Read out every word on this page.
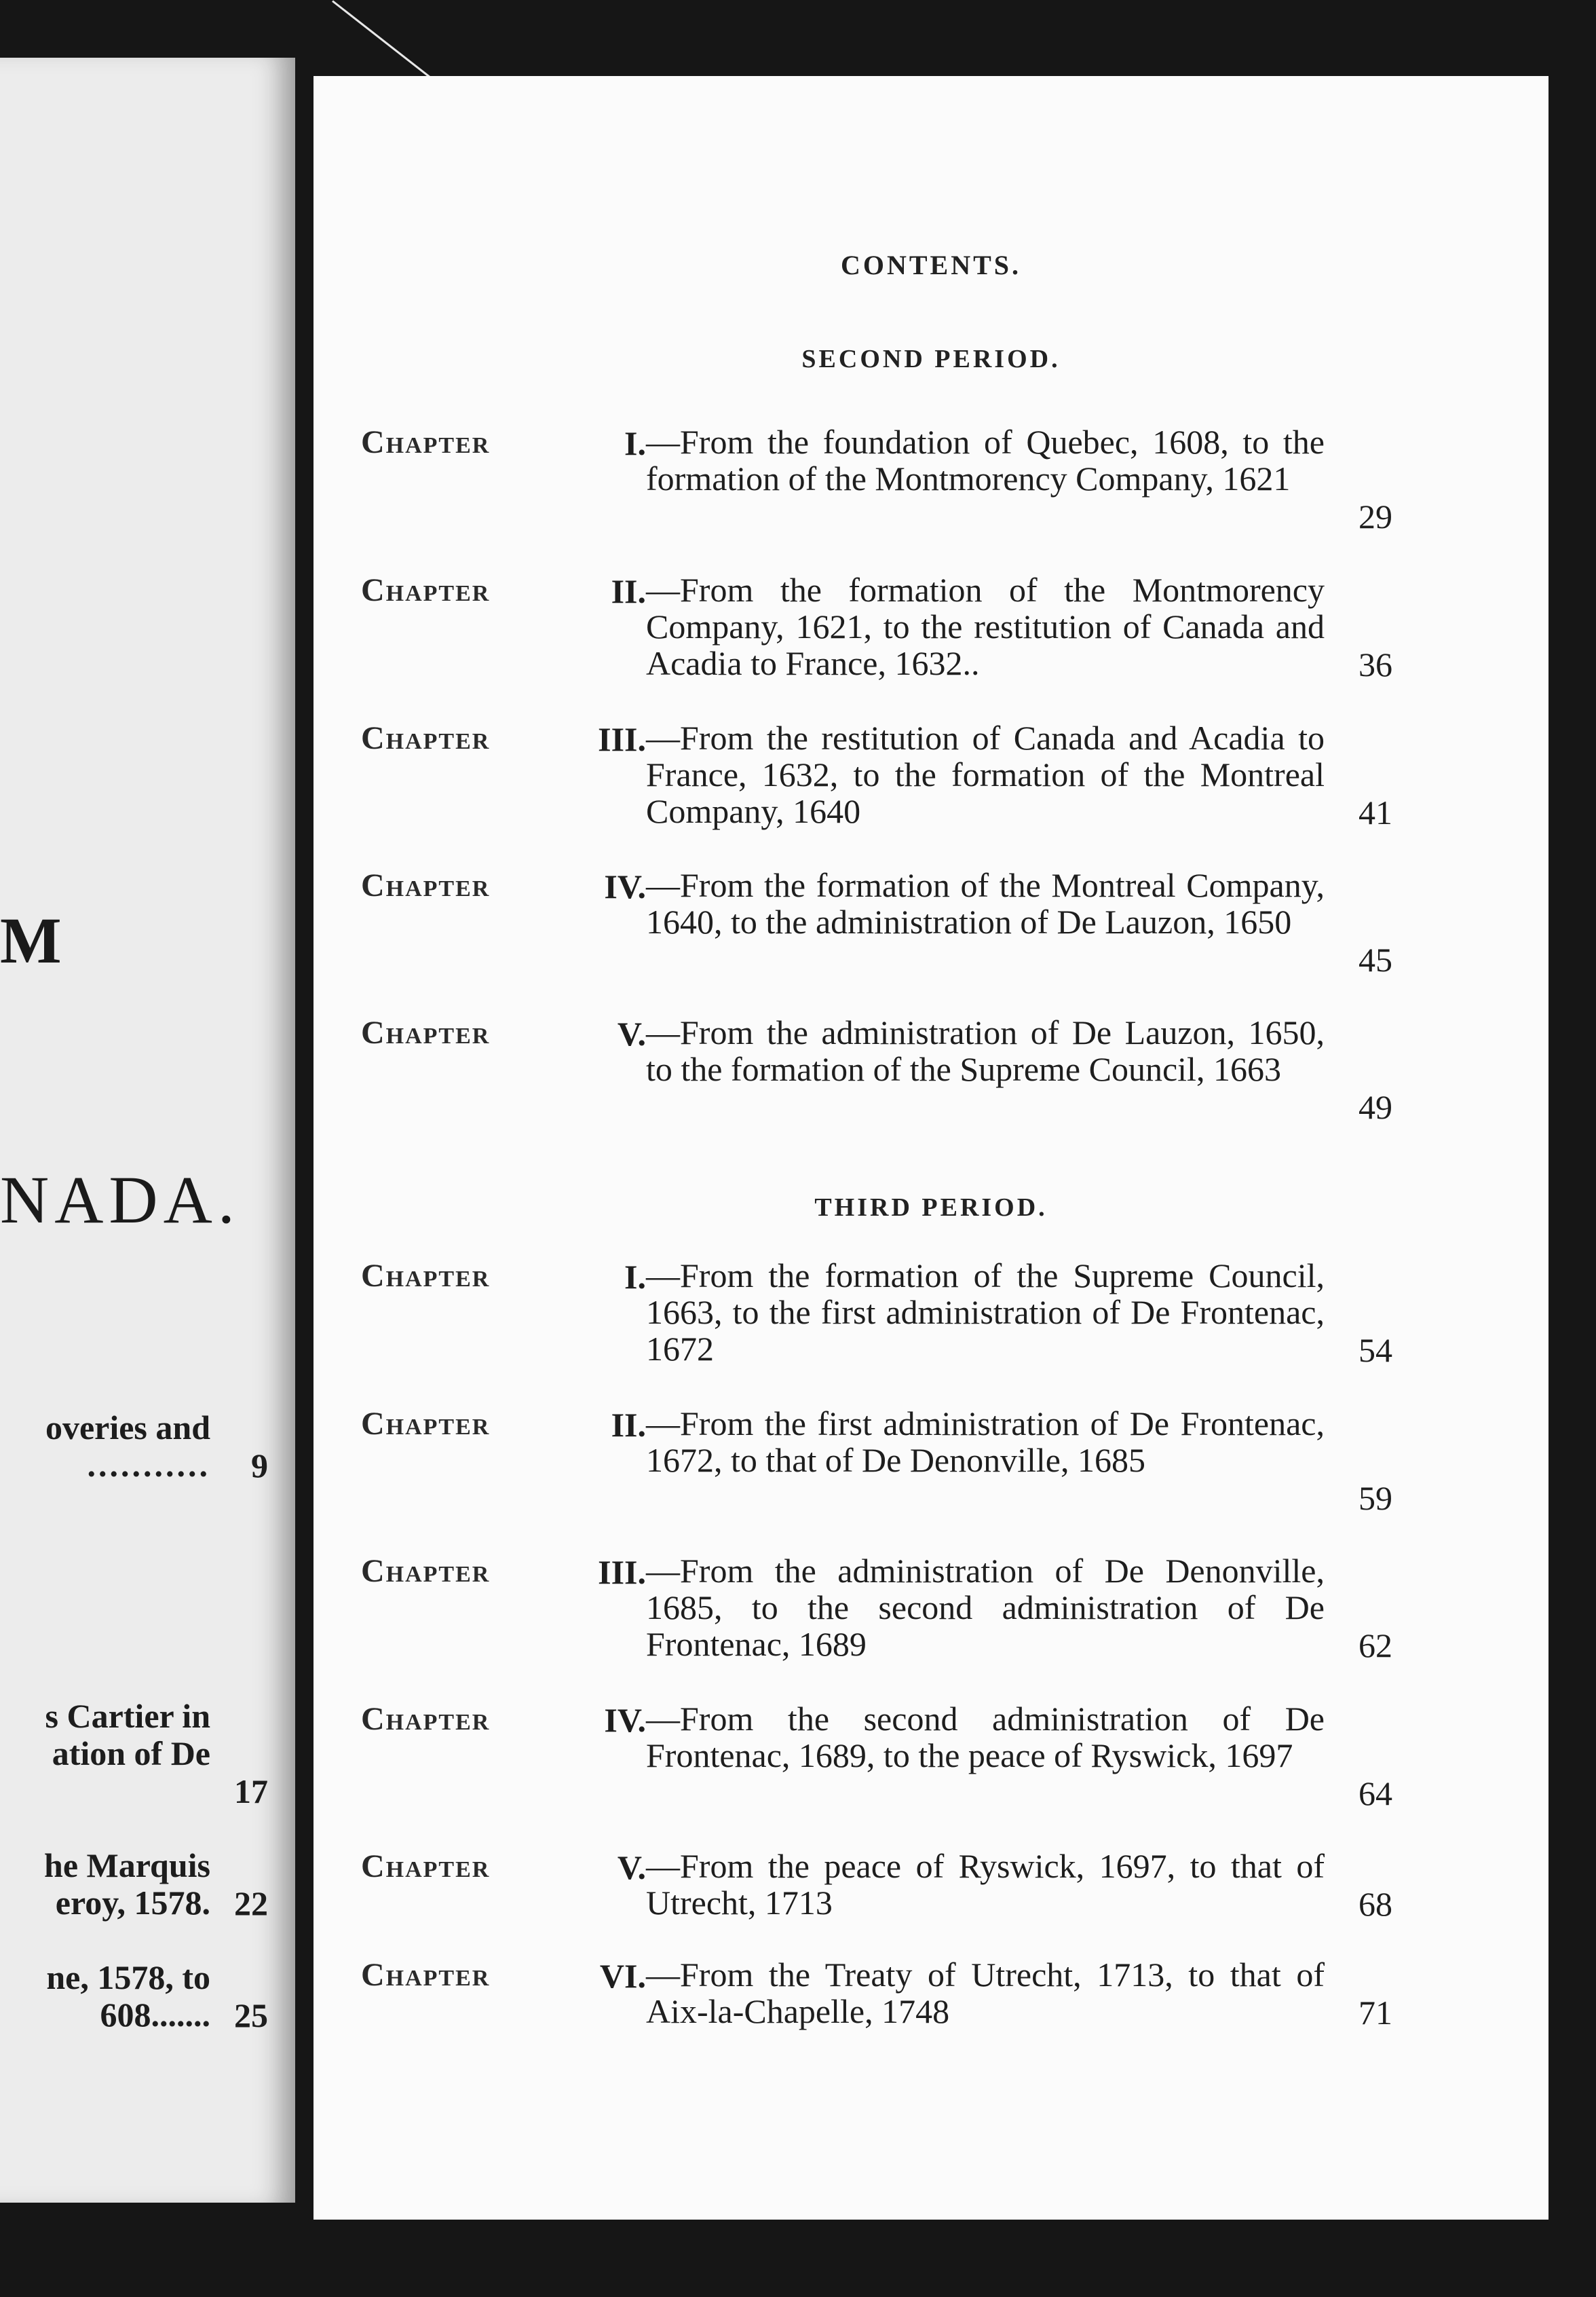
M
NADA.
overies and
...........	9
s Cartier in
ation of De
17
he Marquis
eroy, 1578. 22
ne, 1578, to
608....... 25
CONTENTS.
SECOND PERIOD.
Chapter	I. —From the foundation of Quebec, 1608, to the formation of the Montmorency Company, 1621
29
Chapter	II. —From the formation of the Montmorency Company, 1621, to the restitution of Canada and Acadia to France, 1632..	36
Chapter	III. —From the restitution of Canada and Acadia to France, 1632, to the formation of the Montreal Company, 1640	41
Chapter	IV. —From the formation of the Montreal Company, 1640, to the administration of De Lauzon, 1650
45
Chapter	V. —From the administration of De Lauzon, 1650, to the formation of the Supreme Council, 1663
49
THIRD PERIOD.
Chapter	I. —From the formation of the Supreme Council, 1663, to the first administration of De Frontenac, 1672	54
Chapter	II. —From the first administration of De Frontenac, 1672, to that of De Denonville, 1685
59
Chapter	III. —From the administration of De Denonville, 1685, to the second administration of De Frontenac, 1689	62
Chapter	IV. —From the second administration of De Frontenac, 1689, to the peace of Ryswick, 1697
64
Chapter	V. —From the peace of Ryswick, 1697, to that of Utrecht, 1713	68
Chapter	VI. —From the Treaty of Utrecht, 1713, to that of Aix-la-Chapelle, 1748	71
